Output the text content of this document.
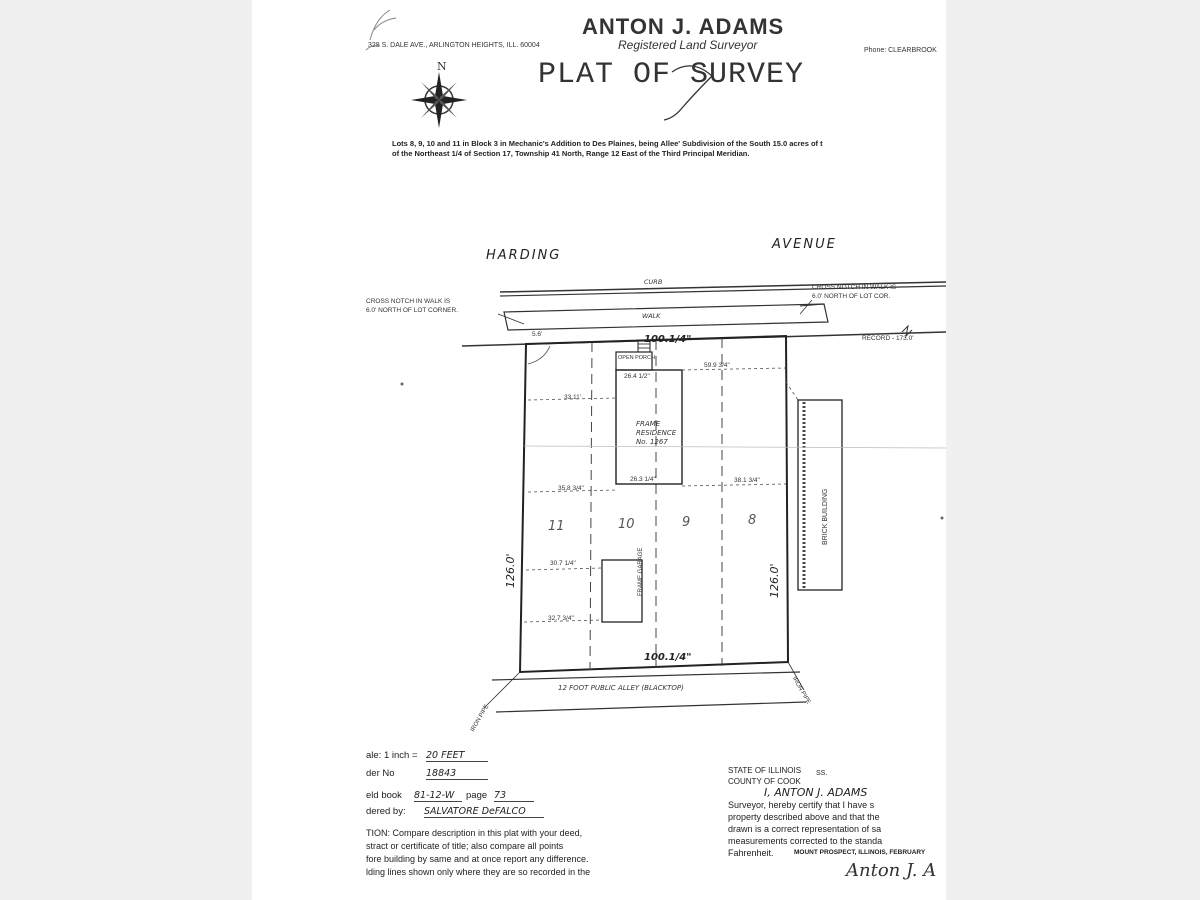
ANTON J. ADAMS
Registered Land Surveyor
328 S. DALE AVE., ARLINGTON HEIGHTS, ILL. 60004
Phone: CLEARBROOK
PLAT OF SURVEY
Lots 8, 9, 10 and 11 in Block 3 in Mechanic's Addition to Des Plaines, being Allee' Subdivision of the South 15.0 acres of t
of the Northeast 1/4 of Section 17, Township 41 North, Range 12 East of the Third Principal Meridian.
N
HARDING
AVENUE
CURB
WALK
CROSS NOTCH IN WALK IS
6.0' NORTH OF LOT CORNER.
CROSS NOTCH IN WALK IS
6.0' NORTH OF LOT COR.
RECORD - 173.0'
100.1/4"
100.1/4"
126.0'	126.0'
5.6'
33.11'
59.9 3/4"
26.4 1/2"
35.8 3/4"
26.3 1/4"	38.1 3/4"
30.7 1/4"
32.7 3/4"
FRAME
RESIDENCE
No. 1267
OPEN PORCH
FRAME GARAGE
BRICK BUILDING
11	10	9	8
12 FOOT PUBLIC ALLEY (BLACKTOP)
IRON PIPE
IRON PIPE
ale: 1 inch = 20 FEET
der No	18843
eld book 81-12-W	page 73
dered by: SALVATORE DeFALCO
TION: Compare description in this plat with your deed,
stract or certificate of title; also compare all points
fore building by same and at once report any difference.
lding lines shown only where they are so recorded in the
STATE OF ILLINOIS
COUNTY OF COOK
SS.
I, ANTON J. ADAMS
Surveyor, hereby certify that I have s
property described above and that the
drawn is a correct representation of sa
measurements corrected to the standa
Fahrenheit.	MOUNT PROSPECT, ILLINOIS, FEBRUARY
Anton J. A
